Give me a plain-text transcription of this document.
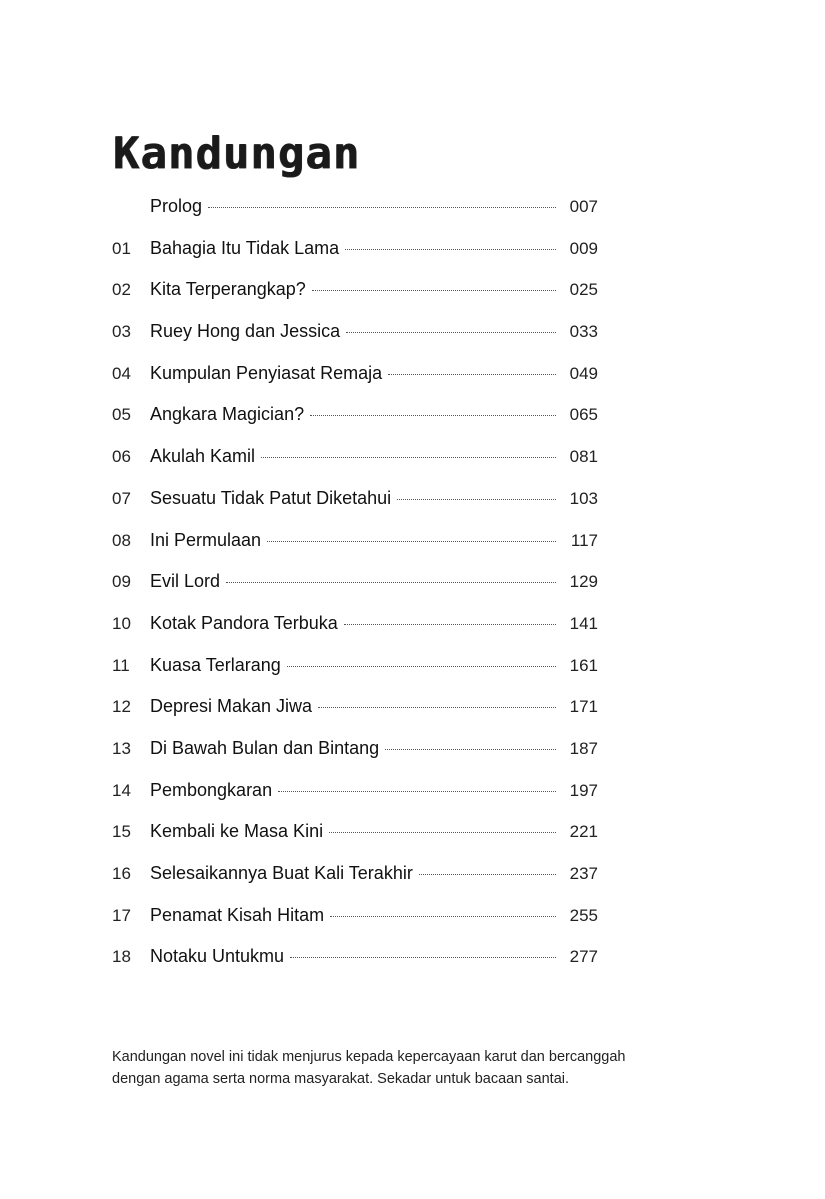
Kandungan
Prolog	007
01	Bahagia Itu Tidak Lama	009
02	Kita Terperangkap?	025
03	Ruey Hong dan Jessica	033
04	Kumpulan Penyiasat Remaja	049
05	Angkara Magician?	065
06	Akulah Kamil	081
07	Sesuatu Tidak Patut Diketahui	103
08	Ini Permulaan	117
09	Evil Lord	129
10	Kotak Pandora Terbuka	141
11	Kuasa Terlarang	161
12	Depresi Makan Jiwa	171
13	Di Bawah Bulan dan Bintang	187
14	Pembongkaran	197
15	Kembali ke Masa Kini	221
16	Selesaikannya Buat Kali Terakhir	237
17	Penamat Kisah Hitam	255
18	Notaku Untukmu	277

Kandungan novel ini tidak menjurus kepada kepercayaan karut dan bercanggah
dengan agama serta norma masyarakat. Sekadar untuk bacaan santai.
